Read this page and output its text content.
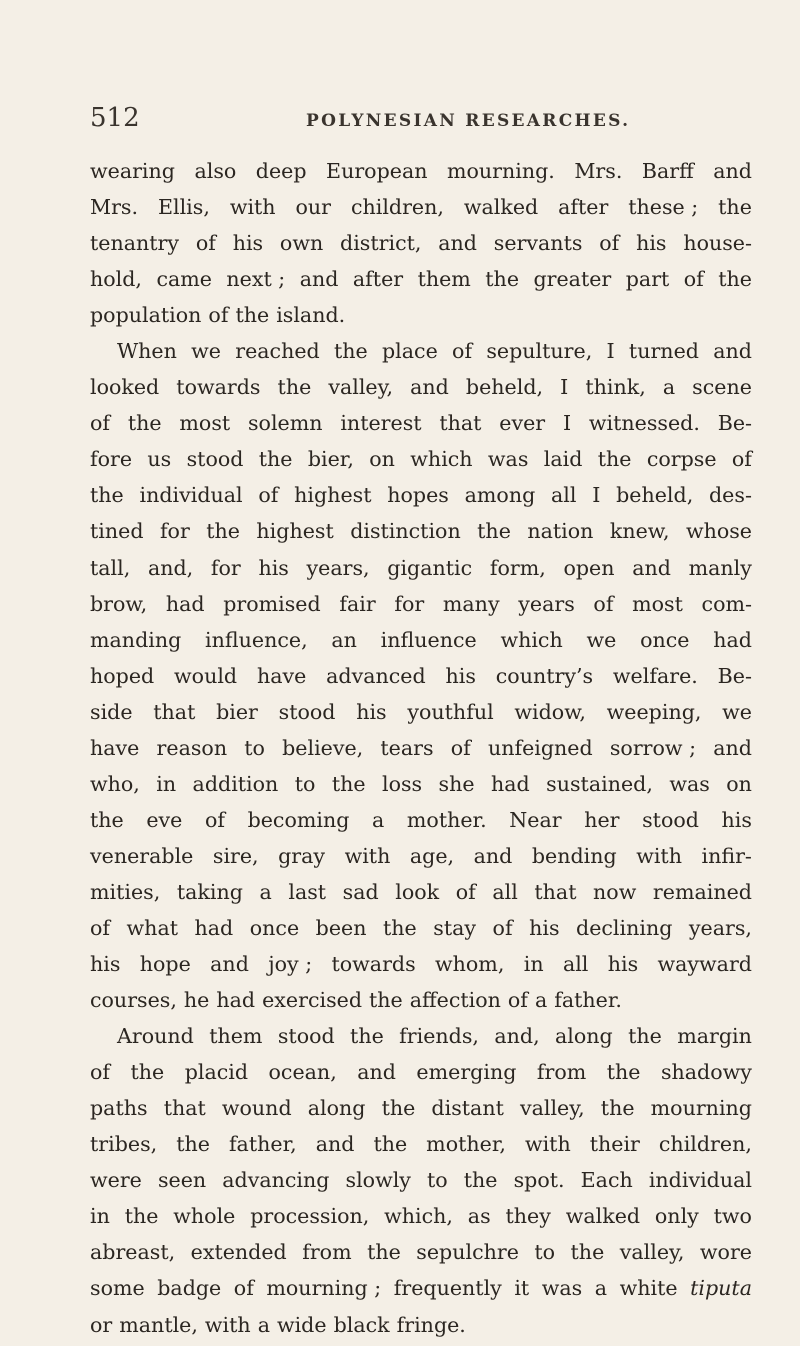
512	POLYNESIAN RESEARCHES.
wearing also deep European mourning. Mrs. Barff and
Mrs. Ellis, with our children, walked after these ; the
tenantry of his own district, and servants of his house-
hold, came next ; and after them the greater part of the
population of the island.
When we reached the place of sepulture, I turned and
looked towards the valley, and beheld, I think, a scene
of the most solemn interest that ever I witnessed. Be-
fore us stood the bier, on which was laid the corpse of
the individual of highest hopes among all I beheld, des-
tined for the highest distinction the nation knew, whose
tall, and, for his years, gigantic form, open and manly
brow, had promised fair for many years of most com-
manding influence, an influence which we once had
hoped would have advanced his country’s welfare. Be-
side that bier stood his youthful widow, weeping, we
have reason to believe, tears of unfeigned sorrow ; and
who, in addition to the loss she had sustained, was on
the eve of becoming a mother. Near her stood his
venerable sire, gray with age, and bending with infir-
mities, taking a last sad look of all that now remained
of what had once been the stay of his declining years,
his hope and joy ; towards whom, in all his wayward
courses, he had exercised the affection of a father.
Around them stood the friends, and, along the margin
of the placid ocean, and emerging from the shadowy
paths that wound along the distant valley, the mourning
tribes, the father, and the mother, with their children,
were seen advancing slowly to the spot. Each individual
in the whole procession, which, as they walked only two
abreast, extended from the sepulchre to the valley, wore
some badge of mourning ; frequently it was a white tiputa
or mantle, with a wide black fringe.
